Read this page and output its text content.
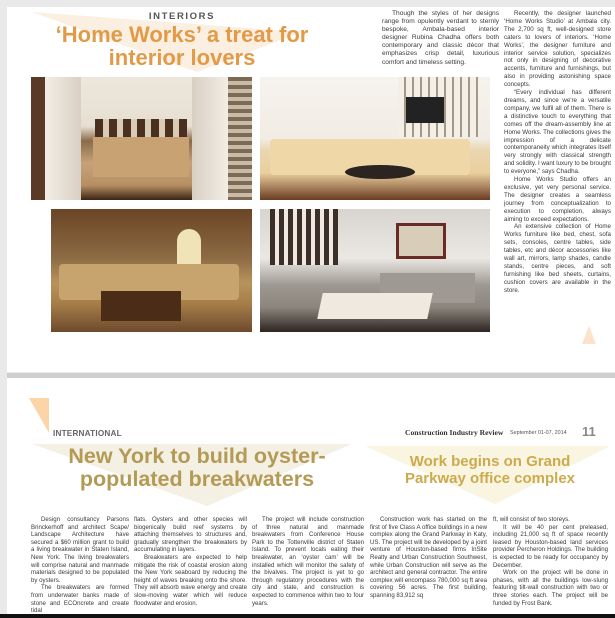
INTERIORS
‘Home Works’ a treat for
interior lovers

Though the styles of her designs range from opulently verdant to sternly bespoke, Ambala-based interior designer Rubina Chadha offers both contemporary and classic décor that emphasizes crisp detail, luxurious comfort and timeless setting.

Recently, the designer launched ‘Home Works Studio’ at Ambala city. The 2,700 sq ft, well-designed store caters to lovers of interiors. ‘Home Works’, the designer furniture and interior service solution, specializes not only in designing of decorative accents, furniture and furnishings, but also in providing astonishing space concepts.

“Every individual has different dreams, and since we're a versatile company, we fulfil all of them. There is a distinctive touch to everything that comes off the dream-assembly line at Home Works. The collections gives the impression of a delicate contemporaneity which integrates itself very strongly with classical strength and solidity. I want luxury to be brought to everyone,” says Chadha.

Home Works Studio offers an exclusive, yet very personal service. The designer creates a seamless journey from conceptualization to execution to completion, always aiming to exceed expectations.

An extensive collection of Home Works furniture like bed, chest, sofa sets, consoles, centre tables, side tables, etc and décor accessories like wall art, mirrors, lamp shades, candle stands, centre pieces, and soft furnishing like bed sheets, curtains, cushion covers are available in the store.

INTERNATIONAL	Construction Industry Review September 01-07, 2014 11
New York to build oyster-
populated breakwaters
Work begins on Grand
Parkway office complex

Design consultancy Parsons Brinckerhoff and architect Scape/ Landscape Architecture have secured a $60 million grant to build a living breakwater in Staten Island, New York. The living breakwaters will comprise natural and manmade materials designed to be populated by oysters.

The breakwaters are formed from underwater banks made of stone and ECOncrete and create tidal

flats. Oysters and other species will biogenically build reef systems by attaching themselves to structures and, gradually strengthen the breakwaters by accumulating in layers.

Breakwaters are expected to help mitigate the risk of coastal erosion along the New York seaboard by reducing the height of waves breaking onto the shore. They will absorb wave energy and create slow-moving water which will reduce floodwater and erosion.

The project will include construction of three natural and manmade breakwaters from Conference House Park to the Tottenville district of Staten Island. To prevent locals eating their breakwater, an ‘oyster cam’ will be installed which will monitor the safety of the bivalves. The project is yet to go through regulatory procedures with the city and state, and construction is expected to commence within two to four years.

Construction work has started on the first of five Class A office buildings in a new complex along the Grand Parkway in Katy, US. The project will be developed by a joint venture of Houston-based firms InSite Realty and Urban Construction Southwest, while Urban Construction will serve as the architect and general contractor. The entire complex will encompass 780,000 sq ft area covering 56 acres. The first building, spanning 83,912 sq

ft, will consist of two storeys.

It will be 40 per cent preleased, including 21,000 sq ft of space recently leased by Houston-based land services provider Percheron Holdings. The building is expected to be ready for occupancy by December.

Work on the project will be done in phases, with all the buildings low-slung featuring tilt-wall construction with two or three stories each. The project will be funded by Frost Bank.
